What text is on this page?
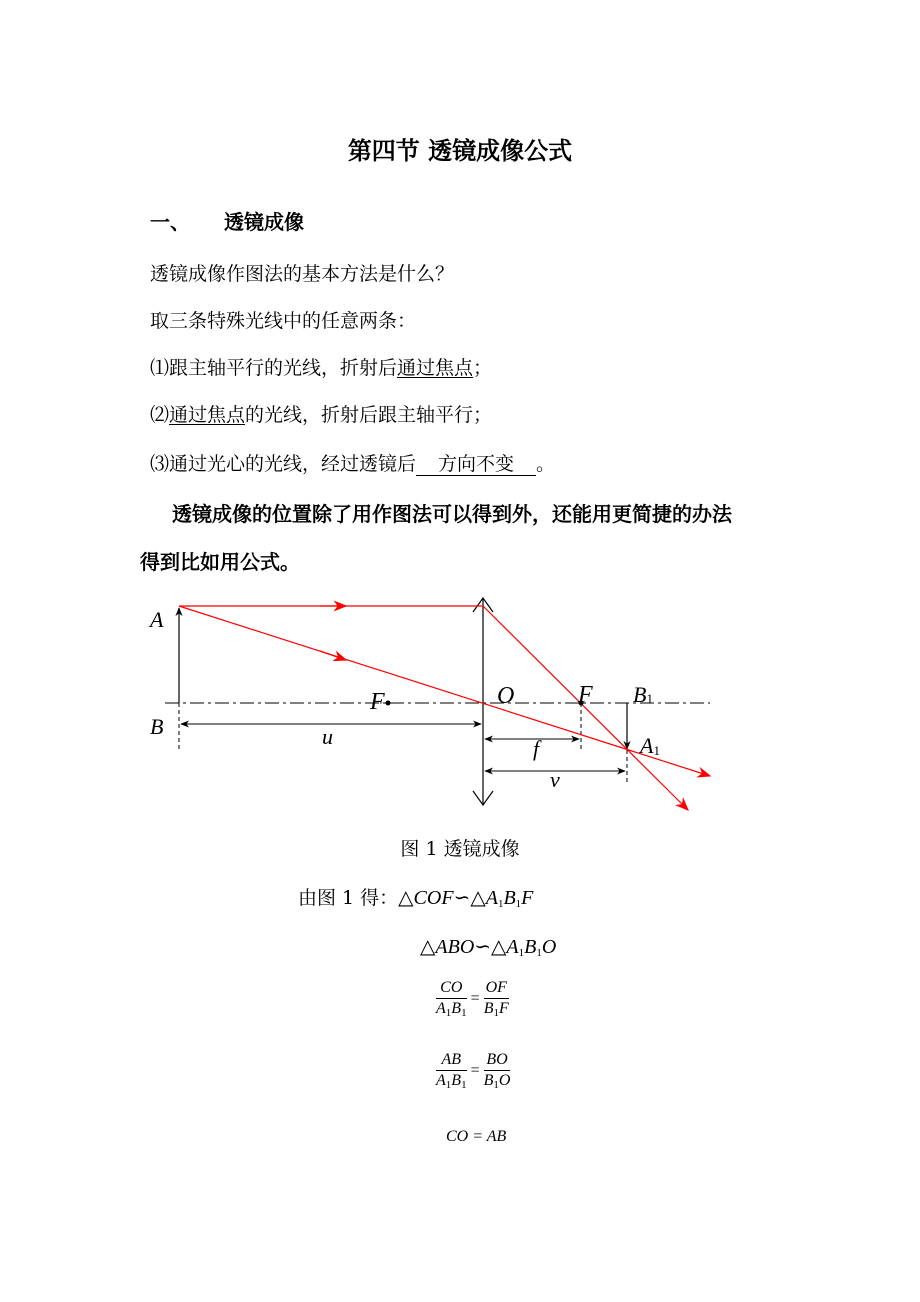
第四节 透镜成像公式
一、 透镜成像
透镜成像作图法的基本方法是什么？
取三条特殊光线中的任意两条：
⑴跟主轴平行的光线，折射后通过焦点；
⑵通过焦点的光线，折射后跟主轴平行；
⑶通过光心的光线，经过透镜后 方向不变 。
透镜成像的位置除了用作图法可以得到外，还能用更简捷的办法
得到比如用公式。
A
B
F	O	F B1
A1
u	f
v
图 1 透镜成像
由图 1 得：$\triangle COF∽\triangle A_1B_1F$
$\triangle ABO∽\triangle A_1B_1O$
$\frac{CO}{A_1B_1} = \frac{OF}{B_1F}$
$\frac{AB}{A_1B_1} = \frac{BO}{B_1O}$
CO = AB
